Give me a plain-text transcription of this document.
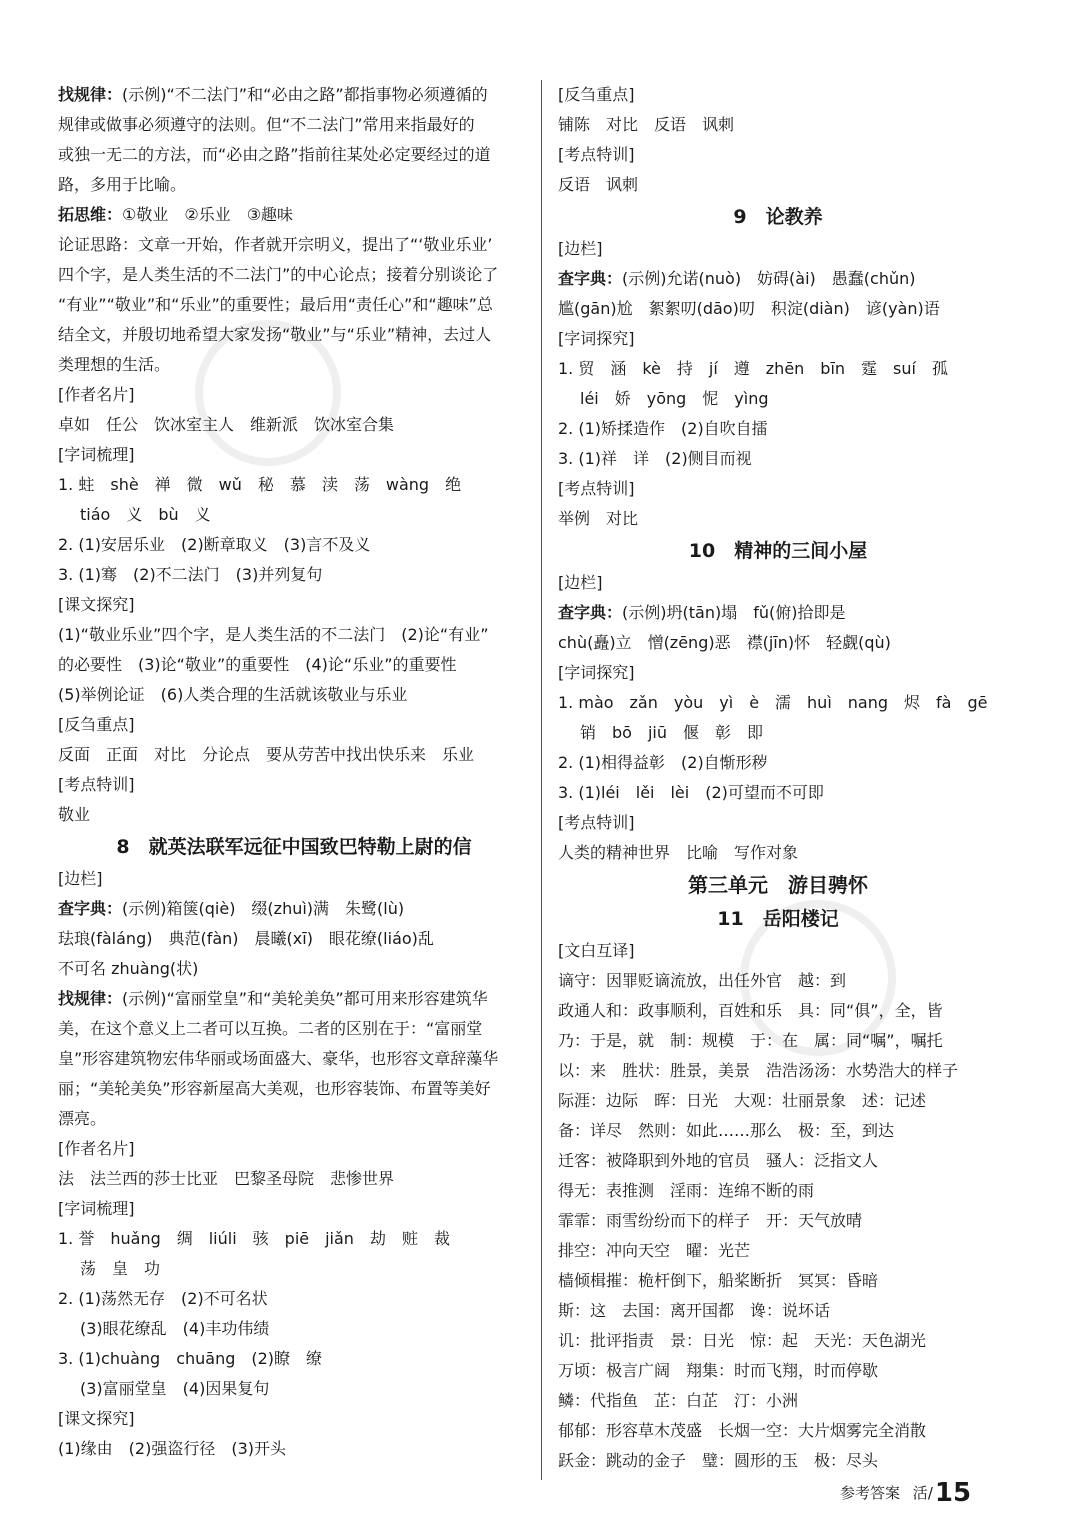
找规律：(示例)“不二法门”和“必由之路”都指事物必须遵循的
规律或做事必须遵守的法则。但“不二法门”常用来指最好的
或独一无二的方法，而“必由之路”指前往某处必定要经过的道
路，多用于比喻。
拓思维：①敬业　②乐业　③趣味
论证思路：文章一开始，作者就开宗明义，提出了“‘敬业乐业’
四个字，是人类生活的不二法门”的中心论点；接着分别谈论了
“有业”“敬业”和“乐业”的重要性；最后用“责任心”和“趣味”总
结全文，并殷切地希望大家发扬“敬业”与“乐业”精神，去过人
类理想的生活。
[ 作者名片 ]
卓如　任公　饮冰室主人　维新派　饮冰室合集
[ 字词梳理 ]
1. 蛀　shè　禅　微　wǔ　秘　慕　渎　荡　wàng　绝
tiáo　义　bù　义
2. (1)安居乐业　(2)断章取义　(3)言不及义
3. (1)骞　(2)不二法门　(3)并列复句
[ 课文探究 ]
(1)“敬业乐业”四个字，是人类生活的不二法门　(2)论“有业”
的必要性　(3)论“敬业”的重要性　(4)论“乐业”的重要性
(5)举例论证　(6)人类合理的生活就该敬业与乐业
[ 反刍重点 ]
反面　正面　对比　分论点　要从劳苦中找出快乐来　乐业
[ 考点特训 ]
敬业
8　就英法联军远征中国致巴特勒上尉的信
[ 边栏 ]
查字典：(示例)箱箧(qiè)　缀(zhuì)满　朱鹭(lù)
珐琅(fàláng)　典范(fàn)　晨曦(xī)　眼花缭(liáo)乱
不可名 zhuàng(状)
找规律：(示例)“富丽堂皇”和“美轮美奂”都可用来形容建筑华
美，在这个意义上二者可以互换。二者的区别在于：“富丽堂
皇”形容建筑物宏伟华丽或场面盛大、豪华，也形容文章辞藻华
丽；“美轮美奂”形容新屋高大美观，也形容装饰、布置等美好
漂亮。
[ 作者名片 ]
法　法兰西的莎士比亚　巴黎圣母院　悲惨世界
[ 字词梳理 ]
1. 誉　huǎng　绸　liúli　骇　piē　jiǎn　劫　赃　裁
荡　皇　功
2. (1)荡然无存　(2)不可名状
(3)眼花缭乱　(4)丰功伟绩
3. (1)chuàng　chuāng　(2)瞭　缭
(3)富丽堂皇　(4)因果复句
[ 课文探究 ]
(1)缘由　(2)强盗行径　(3)开头
[ 反刍重点 ]
铺陈　对比　反语　讽刺
[ 考点特训 ]
反语　讽刺
9　论教养
[ 边栏 ]
查字典：(示例)允诺(nuò)　妨碍(ài)　愚蠢(chǔn)
尴(gān)尬　絮絮叨(dāo)叨　积淀(diàn)　谚(yàn)语
[ 字词探究 ]
1. 贸　涵　kè　持　jí　遵　zhēn　bīn　霆　suí　孤
léi　娇　yōng　怩　yìng
2. (1)矫揉造作　(2)自吹自擂
3. (1)祥　详　(2)侧目而视
[ 考点特训 ]
举例　对比
10　精神的三间小屋
[ 边栏 ]
查字典：(示例)坍(tān)塌　fǔ(俯)拾即是
chù(矗)立　憎(zēng)恶　襟(jīn)怀　轻觑(qù)
[ 字词探究 ]
1. mào　zǎn　yòu　yì　è　濡　huì　nang　烬　fà　gē
销　bō　jiū　偃　彰　即
2. (1)相得益彰　(2)自惭形秽
3. (1)léi　lěi　lèi　(2)可望而不可即
[ 考点特训 ]
人类的精神世界　比喻　写作对象
第三单元　游目骋怀
11　岳阳楼记
[ 文白互译 ]
谪守：因罪贬谪流放，出任外官　越：到
政通人和：政事顺利，百姓和乐　具：同“俱”，全，皆
乃：于是，就　制：规模　于：在　属：同“嘱”，嘱托
以：来　胜状：胜景，美景　浩浩汤汤：水势浩大的样子
际涯：边际　晖：日光　大观：壮丽景象　述：记述
备：详尽　然则：如此……那么　极：至，到达
迁客：被降职到外地的官员　骚人：泛指文人
得无：表推测　淫雨：连绵不断的雨
霏霏：雨雪纷纷而下的样子　开：天气放晴
排空：冲向天空　曜：光芒
樯倾楫摧：桅杆倒下，船桨断折　冥冥：昏暗
斯：这　去国：离开国都　谗：说坏话
讥：批评指责　景：日光　惊：起　天光：天色湖光
万顷：极言广阔　翔集：时而飞翔，时而停歇
鳞：代指鱼　芷：白芷　汀：小洲
郁郁：形容草木茂盛　长烟一空：大片烟雾完全消散
跃金：跳动的金子　璧：圆形的玉　极：尽头
参考答案 活/15
